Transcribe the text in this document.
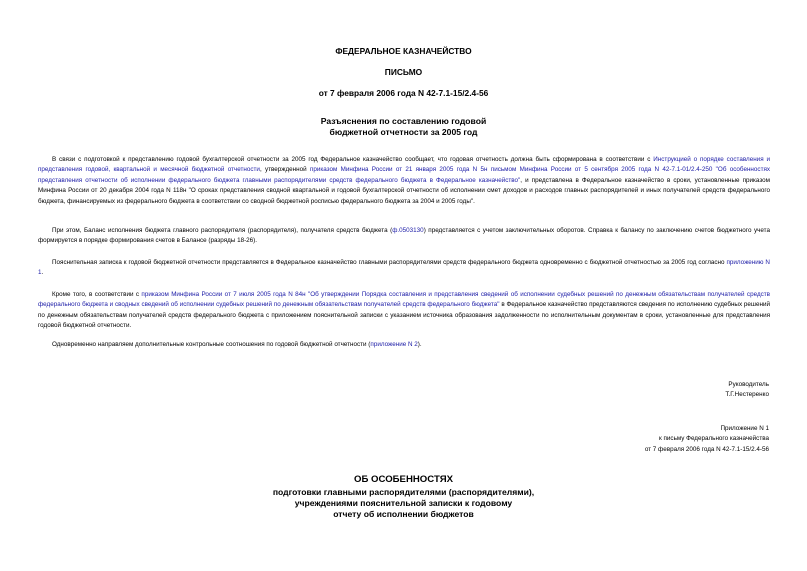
ФЕДЕРАЛЬНОЕ КАЗНАЧЕЙСТВО
ПИСЬМО
от 7 февраля 2006 года N 42-7.1-15/2.4-56
Разъяснения по составлению годовой
бюджетной отчетности за 2005 год

В связи с подготовкой к представлению годовой бухгалтерской отчетности за 2005 год Федеральное казначейство сообщает, что годовая отчетность должна быть сформирована в соответствии с Инструкцией о порядке составления и представления годовой, квартальной и месячной бюджетной отчетности, утвержденной приказом Минфина России от 21 января 2005 года N 5н письмом Минфина России от 5 сентября 2005 года N 42-7.1-01/2.4-250 "Об особенностях представления отчетности об исполнении федерального бюджета главными распорядителями средств федерального бюджета в Федеральное казначейство", и представлена в Федеральное казначейство в сроки, установленные приказом Минфина России от 20 декабря 2004 года N 118н "О сроках представления сводной квартальной и годовой бухгалтерской отчетности об исполнении смет доходов и расходов главных распорядителей и иных получателей средств федерального бюджета, финансируемых из федерального бюджета в соответствии со сводной бюджетной росписью федерального бюджета за 2004 и 2005 годы".

При этом, Баланс исполнения бюджета главного распорядителя (распорядителя), получателя средств бюджета (ф.0503130) представляется с учетом заключительных оборотов. Справка к балансу по заключению счетов бюджетного учета формируется в порядке формирования счетов в Балансе (разряды 18-26).

Пояснительная записка к годовой бюджетной отчетности представляется в Федеральное казначейство главными распорядителями средств федерального бюджета одновременно с бюджетной отчетностью за 2005 год согласно приложению N 1.

Кроме того, в соответствии с приказом Минфина России от 7 июля 2005 года N 84н "Об утверждении Порядка составления и представления сведений об исполнении судебных решений по денежным обязательствам получателей средств федерального бюджета и сводных сведений об исполнении судебных решений по денежным обязательствам получателей средств федерального бюджета" в Федеральное казначейство представляются сведения по исполнению судебных решений по денежным обязательствам получателей средств федерального бюджета с приложением пояснительной записки с указанием источника образования задолженности по исполнительным документам в сроки, установленные для представления годовой бюджетной отчетности.

Одновременно направляем дополнительные контрольные соотношения по годовой бюджетной отчетности (приложение N 2).

Руководитель
Т.Г.Нестеренко
Приложение N 1
к письму Федерального казначейства
от 7 февраля 2006 года N 42-7.1-15/2.4-56
ОБ ОСОБЕННОСТЯХ
подготовки главными распорядителями (распорядителями),
учреждениями пояснительной записки к годовому
отчету об исполнении бюджетов
